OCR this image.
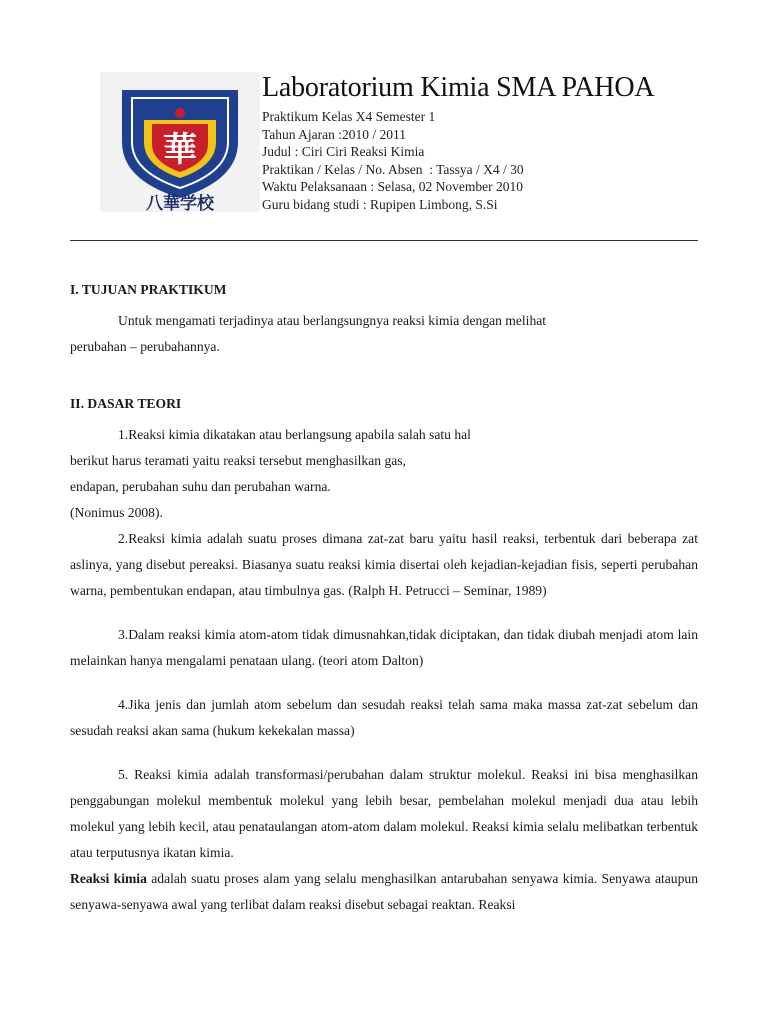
華
八華学校
Laboratorium Kimia SMA PAHOA
Praktikum Kelas X4 Semester 1
Tahun Ajaran :2010 / 2011
Judul : Ciri Ciri Reaksi Kimia
Praktikan / Kelas / No. Absen  : Tassya / X4 / 30
Waktu Pelaksanaan : Selasa, 02 November 2010
Guru bidang studi : Rupipen Limbong, S.Si
I. TUJUAN PRAKTIKUM

Untuk mengamati terjadinya atau berlangsungnya reaksi kimia dengan melihat

perubahan – perubahannya.

II. DASAR TEORI

1.Reaksi kimia dikatakan atau berlangsung apabila salah satu hal

berikut harus teramati yaitu reaksi tersebut menghasilkan gas,

endapan, perubahan suhu dan perubahan warna.

(Nonimus 2008).

2.Reaksi kimia adalah suatu proses dimana zat-zat baru yaitu hasil reaksi, terbentuk dari beberapa zat aslinya, yang disebut pereaksi. Biasanya suatu reaksi kimia disertai oleh kejadian-kejadian fisis, seperti perubahan warna, pembentukan endapan, atau timbulnya gas. (Ralph H. Petrucci – Seminar, 1989)

3.Dalam reaksi kimia atom-atom tidak dimusnahkan,tidak diciptakan, dan tidak diubah menjadi atom lain melainkan hanya mengalami penataan ulang. (teori atom Dalton)

4.Jika jenis dan jumlah atom sebelum dan sesudah reaksi telah sama maka massa zat-zat sebelum dan sesudah reaksi akan sama (hukum kekekalan massa)

5. Reaksi kimia adalah transformasi/perubahan dalam struktur molekul. Reaksi ini bisa menghasilkan penggabungan molekul membentuk molekul yang lebih besar, pembelahan molekul menjadi dua atau lebih molekul yang lebih kecil, atau penataulangan atom-atom dalam molekul. Reaksi kimia selalu melibatkan terbentuk atau terputusnya ikatan kimia.

Reaksi kimia adalah suatu proses alam yang selalu menghasilkan antarubahan senyawa kimia. Senyawa ataupun senyawa-senyawa awal yang terlibat dalam reaksi disebut sebagai reaktan. Reaksi
